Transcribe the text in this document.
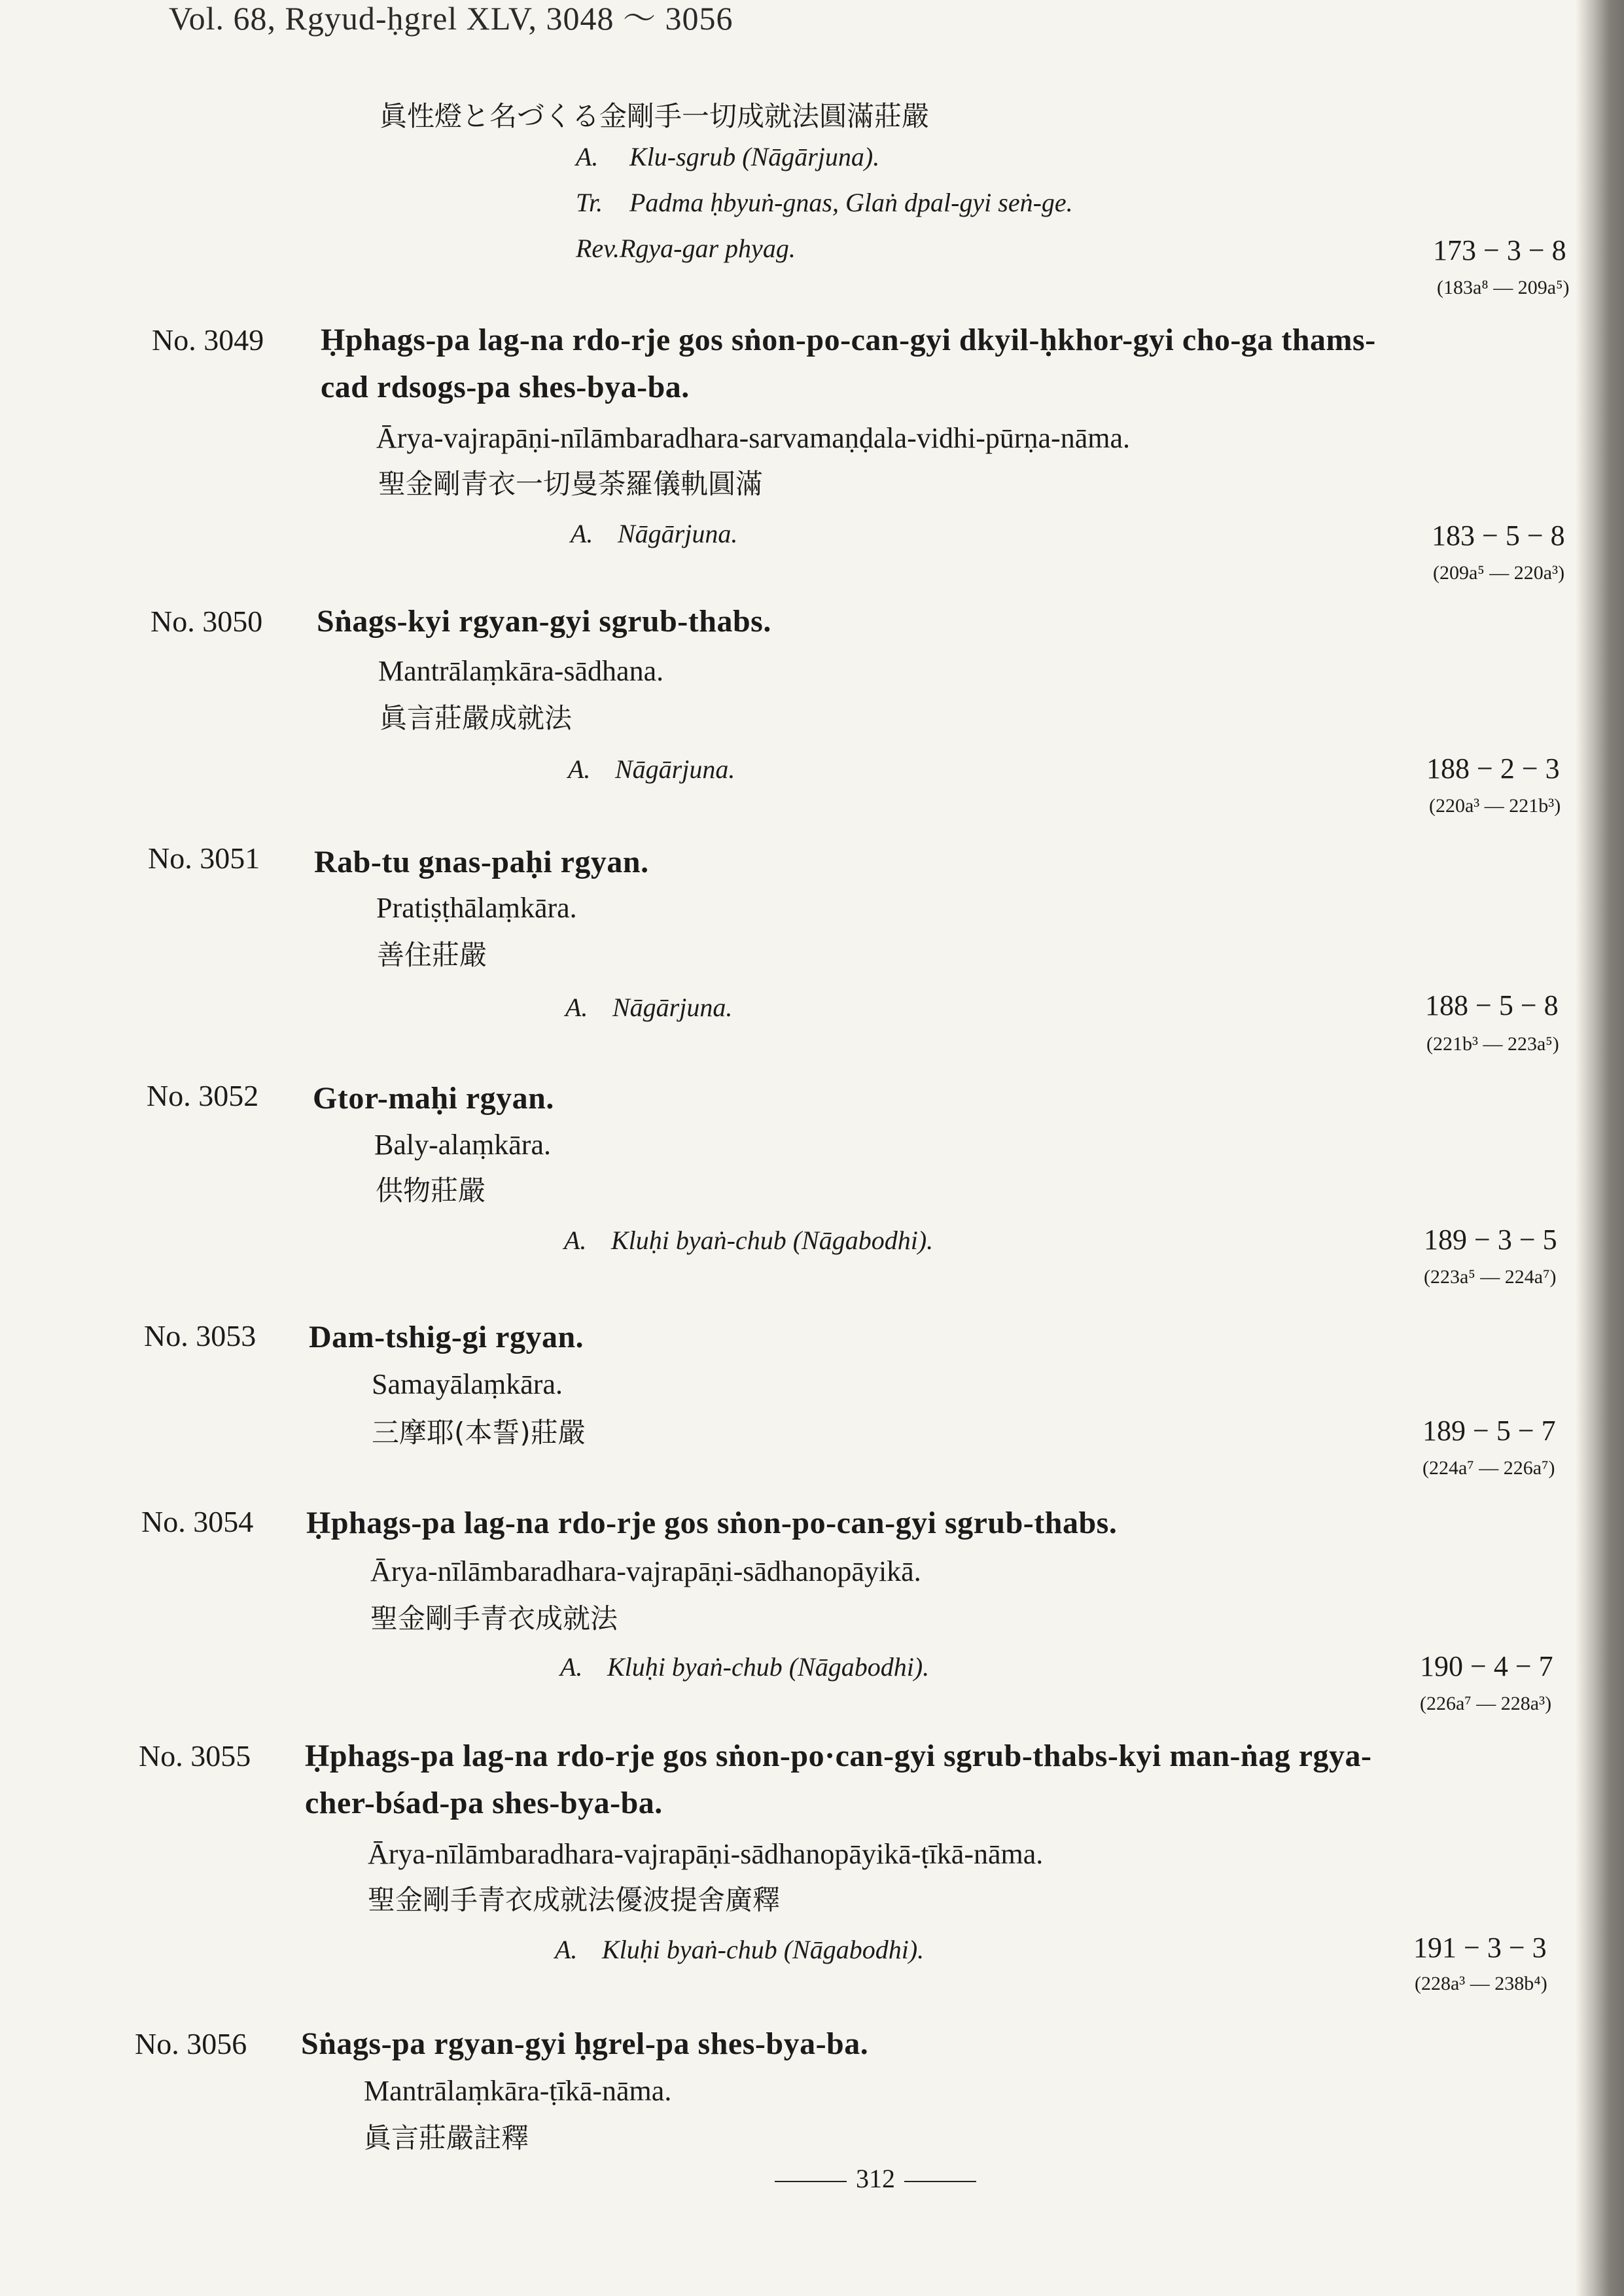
Vol. 68, Rgyud-ḥgrel XLV, 3048 ～ 3056
眞性燈と名づくる金剛手一切成就法圓滿莊嚴
A. Klu-sgrub (Nāgārjuna).
Tr. Padma ḥbyuṅ-gnas, Glaṅ dpal-gyi seṅ-ge.
Rev.Rgya-gar phyag.	173 − 3 − 8
(183a⁸ — 209a⁵)
No. 3049 Ḥphags-pa lag-na rdo-rje gos sṅon-po-can-gyi dkyil-ḥkhor-gyi cho-ga thams-cad rdsogs-pa shes-bya-ba.
Ārya-vajrapāṇi-nīlāmbaradhara-sarvamaṇḍala-vidhi-pūrṇa-nāma.
聖金剛青衣一切曼荼羅儀軌圓滿
A. Nāgārjuna.	183 − 5 − 8
(209a⁵ — 220a³)
No. 3050 Sṅags-kyi rgyan-gyi sgrub-thabs.
Mantrālaṃkāra-sādhana.
眞言莊嚴成就法
A. Nāgārjuna.	188 − 2 − 3
(220a³ — 221b³)
No. 3051 Rab-tu gnas-paḥi rgyan.
Pratiṣṭhālaṃkāra.
善住莊嚴
A. Nāgārjuna.	188 − 5 − 8
(221b³ — 223a⁵)
No. 3052 Gtor-maḥi rgyan.
Baly-alaṃkāra.
供物莊嚴
A. Kluḥi byaṅ-chub (Nāgabodhi).	189 − 3 − 5
(223a⁵ — 224a⁷)
No. 3053 Dam-tshig-gi rgyan.
Samayālaṃkāra.
三摩耶(本誓)莊嚴	189 − 5 − 7
(224a⁷ — 226a⁷)
No. 3054 Ḥphags-pa lag-na rdo-rje gos sṅon-po-can-gyi sgrub-thabs.
Ārya-nīlāmbaradhara-vajrapāṇi-sādhanopāyikā.
聖金剛手青衣成就法
A. Kluḥi byaṅ-chub (Nāgabodhi).	190 − 4 − 7
(226a⁷ — 228a³)
No. 3055 Ḥphags-pa lag-na rdo-rje gos sṅon-po·can-gyi sgrub-thabs-kyi man-ṅag rgya-cher-bśad-pa shes-bya-ba.
Ārya-nīlāmbaradhara-vajrapāṇi-sādhanopāyikā-ṭīkā-nāma.
聖金剛手青衣成就法優波提舍廣釋
A. Kluḥi byaṅ-chub (Nāgabodhi).	191 − 3 − 3
(228a³ — 238b⁴)
No. 3056 Sṅags-pa rgyan-gyi ḥgrel-pa shes-bya-ba.
Mantrālaṃkāra-ṭīkā-nāma.
眞言莊嚴註釋
312
